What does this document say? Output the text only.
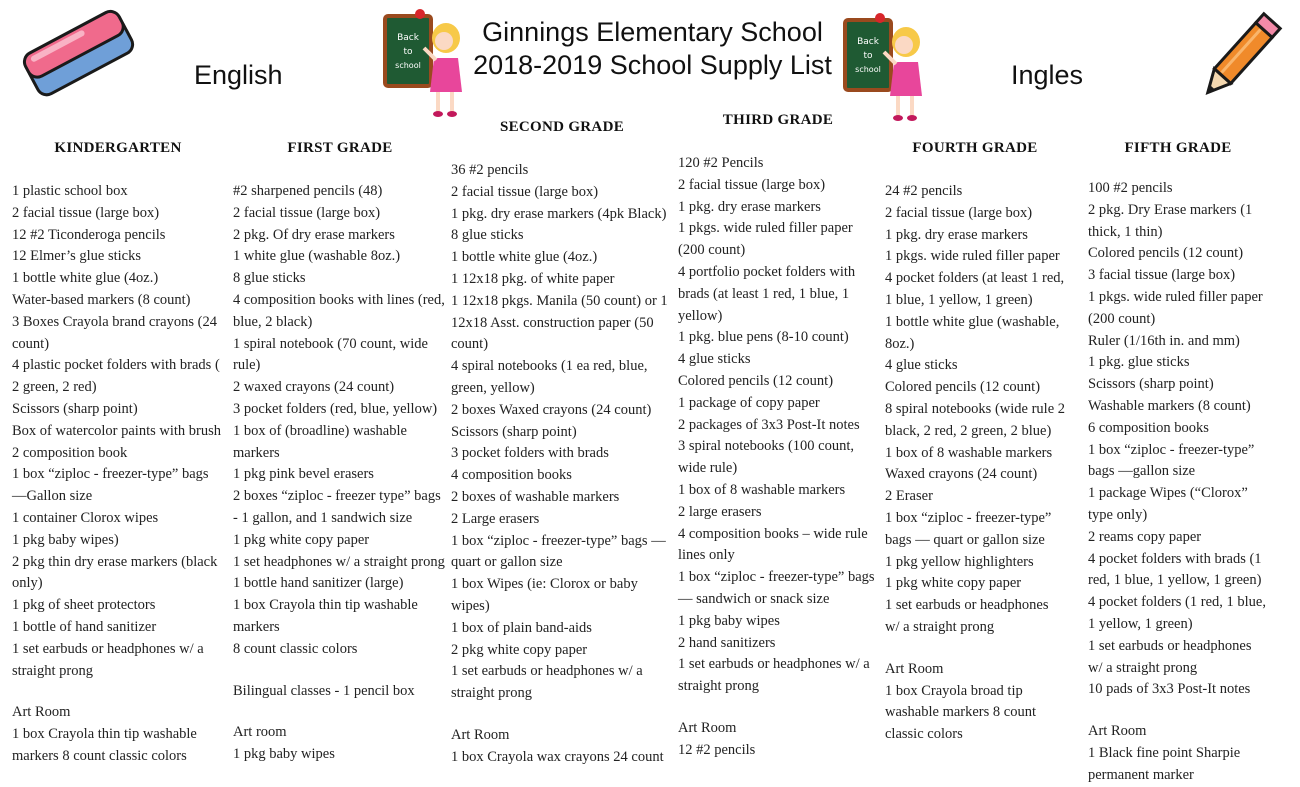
Back
to
school
Back
to
school
Ginnings Elementary School
2018-2019 School Supply List
English	Ingles
KINDERGARTEN
1 plastic school box
2 facial tissue (large box)
12 #2 Ticonderoga pencils
12 Elmer’s glue sticks
1 bottle white glue (4oz.)
Water-based markers (8 count)
3 Boxes Crayola brand crayons (24 count)
4 plastic pocket folders with brads ( 2 green, 2 red)
Scissors (sharp point)
Box of watercolor paints with brush
2 composition book
1 box “ziploc - freezer-type” bags —Gallon size
1 container Clorox wipes
1 pkg baby wipes)
2 pkg thin dry erase markers (black only)
1 pkg of sheet protectors
1 bottle of hand sanitizer
1 set earbuds or headphones w/ a straight prong
Art Room
1 box Crayola thin tip washable markers 8 count classic colors
FIRST GRADE
#2 sharpened pencils (48)
2 facial tissue (large box)
2 pkg. Of dry erase markers
1 white glue (washable 8oz.)
8 glue sticks
4 composition books with lines (red, blue, 2 black)
1 spiral notebook (70 count, wide rule)
2 waxed crayons (24 count)
3 pocket folders (red, blue, yellow)
1 box of (broadline) washable markers
1 pkg pink bevel erasers
2 boxes “ziploc - freezer type” bags - 1 gallon, and 1 sandwich size
1 pkg white copy paper
1 set headphones w/ a straight prong
1 bottle hand sanitizer (large)
1 box Crayola thin tip washable markers
8 count classic colors
Bilingual classes - 1 pencil box
Art room
1 pkg baby wipes
SECOND GRADE
36 #2 pencils
2 facial tissue (large box)
1 pkg. dry erase markers (4pk Black)
8 glue sticks
1 bottle white glue (4oz.)
1 12x18 pkg. of white paper
1 12x18 pkgs. Manila (50 count) or 1 12x18 Asst. construction paper (50 count)
4 spiral notebooks (1 ea red, blue, green, yellow)
2 boxes Waxed crayons (24 count)
Scissors (sharp point)
3 pocket folders with brads
4 composition books
2 boxes of washable markers
2 Large erasers
1 box “ziploc - freezer-type” bags — quart or gallon size
1 box Wipes (ie: Clorox or baby wipes)
1 box of plain band-aids
2 pkg white copy paper
1 set earbuds or headphones w/ a straight prong
Art Room
1 box Crayola wax crayons 24 count
THIRD GRADE
120 #2 Pencils
2 facial tissue (large box)
1 pkg. dry erase markers
1 pkgs. wide ruled filler paper (200 count)
4 portfolio pocket folders with brads (at least 1 red, 1 blue, 1 yellow)
1 pkg. blue pens (8-10 count)
4 glue sticks
Colored pencils (12 count)
1 package of copy paper
2 packages of 3x3 Post-It notes
3 spiral notebooks (100 count, wide rule)
1 box of 8 washable markers
2 large erasers
4 composition books – wide rule lines only
1 box “ziploc - freezer-type” bags — sandwich or snack size
1 pkg baby wipes
2 hand sanitizers
1 set earbuds or headphones w/ a straight prong
Art Room
12 #2 pencils
FOURTH GRADE
24 #2 pencils
2 facial tissue (large box)
1 pkg. dry erase markers
1 pkgs. wide ruled filler paper
4 pocket folders (at least 1 red, 1 blue, 1 yellow, 1 green)
1 bottle white glue (washable, 8oz.)
4 glue sticks
Colored pencils (12 count)
8 spiral notebooks (wide rule 2 black, 2 red, 2 green, 2 blue)
1 box of 8 washable markers
Waxed crayons (24 count)
2 Eraser
1 box “ziploc - freezer-type” bags — quart or gallon size
1 pkg yellow highlighters
1 pkg white copy paper
1 set earbuds or headphones w/ a straight prong
Art Room
1 box Crayola broad tip washable markers 8 count classic colors
FIFTH GRADE
100 #2 pencils
2 pkg. Dry Erase markers (1 thick, 1 thin)
Colored pencils (12 count)
3 facial tissue (large box)
1 pkgs. wide ruled filler paper (200 count)
Ruler (1/16th in. and mm)
1 pkg. glue sticks
Scissors (sharp point)
Washable markers (8 count)
6 composition books
1 box “ziploc - freezer-type” bags —gallon size
1 package Wipes (“Clorox” type only)
2 reams copy paper
4 pocket folders with brads (1 red, 1 blue, 1 yellow, 1 green)
4 pocket folders (1 red, 1 blue, 1 yellow, 1 green)
1 set earbuds or headphones w/ a straight prong
10 pads of 3x3 Post-It notes
Art Room
1 Black fine point Sharpie permanent marker
